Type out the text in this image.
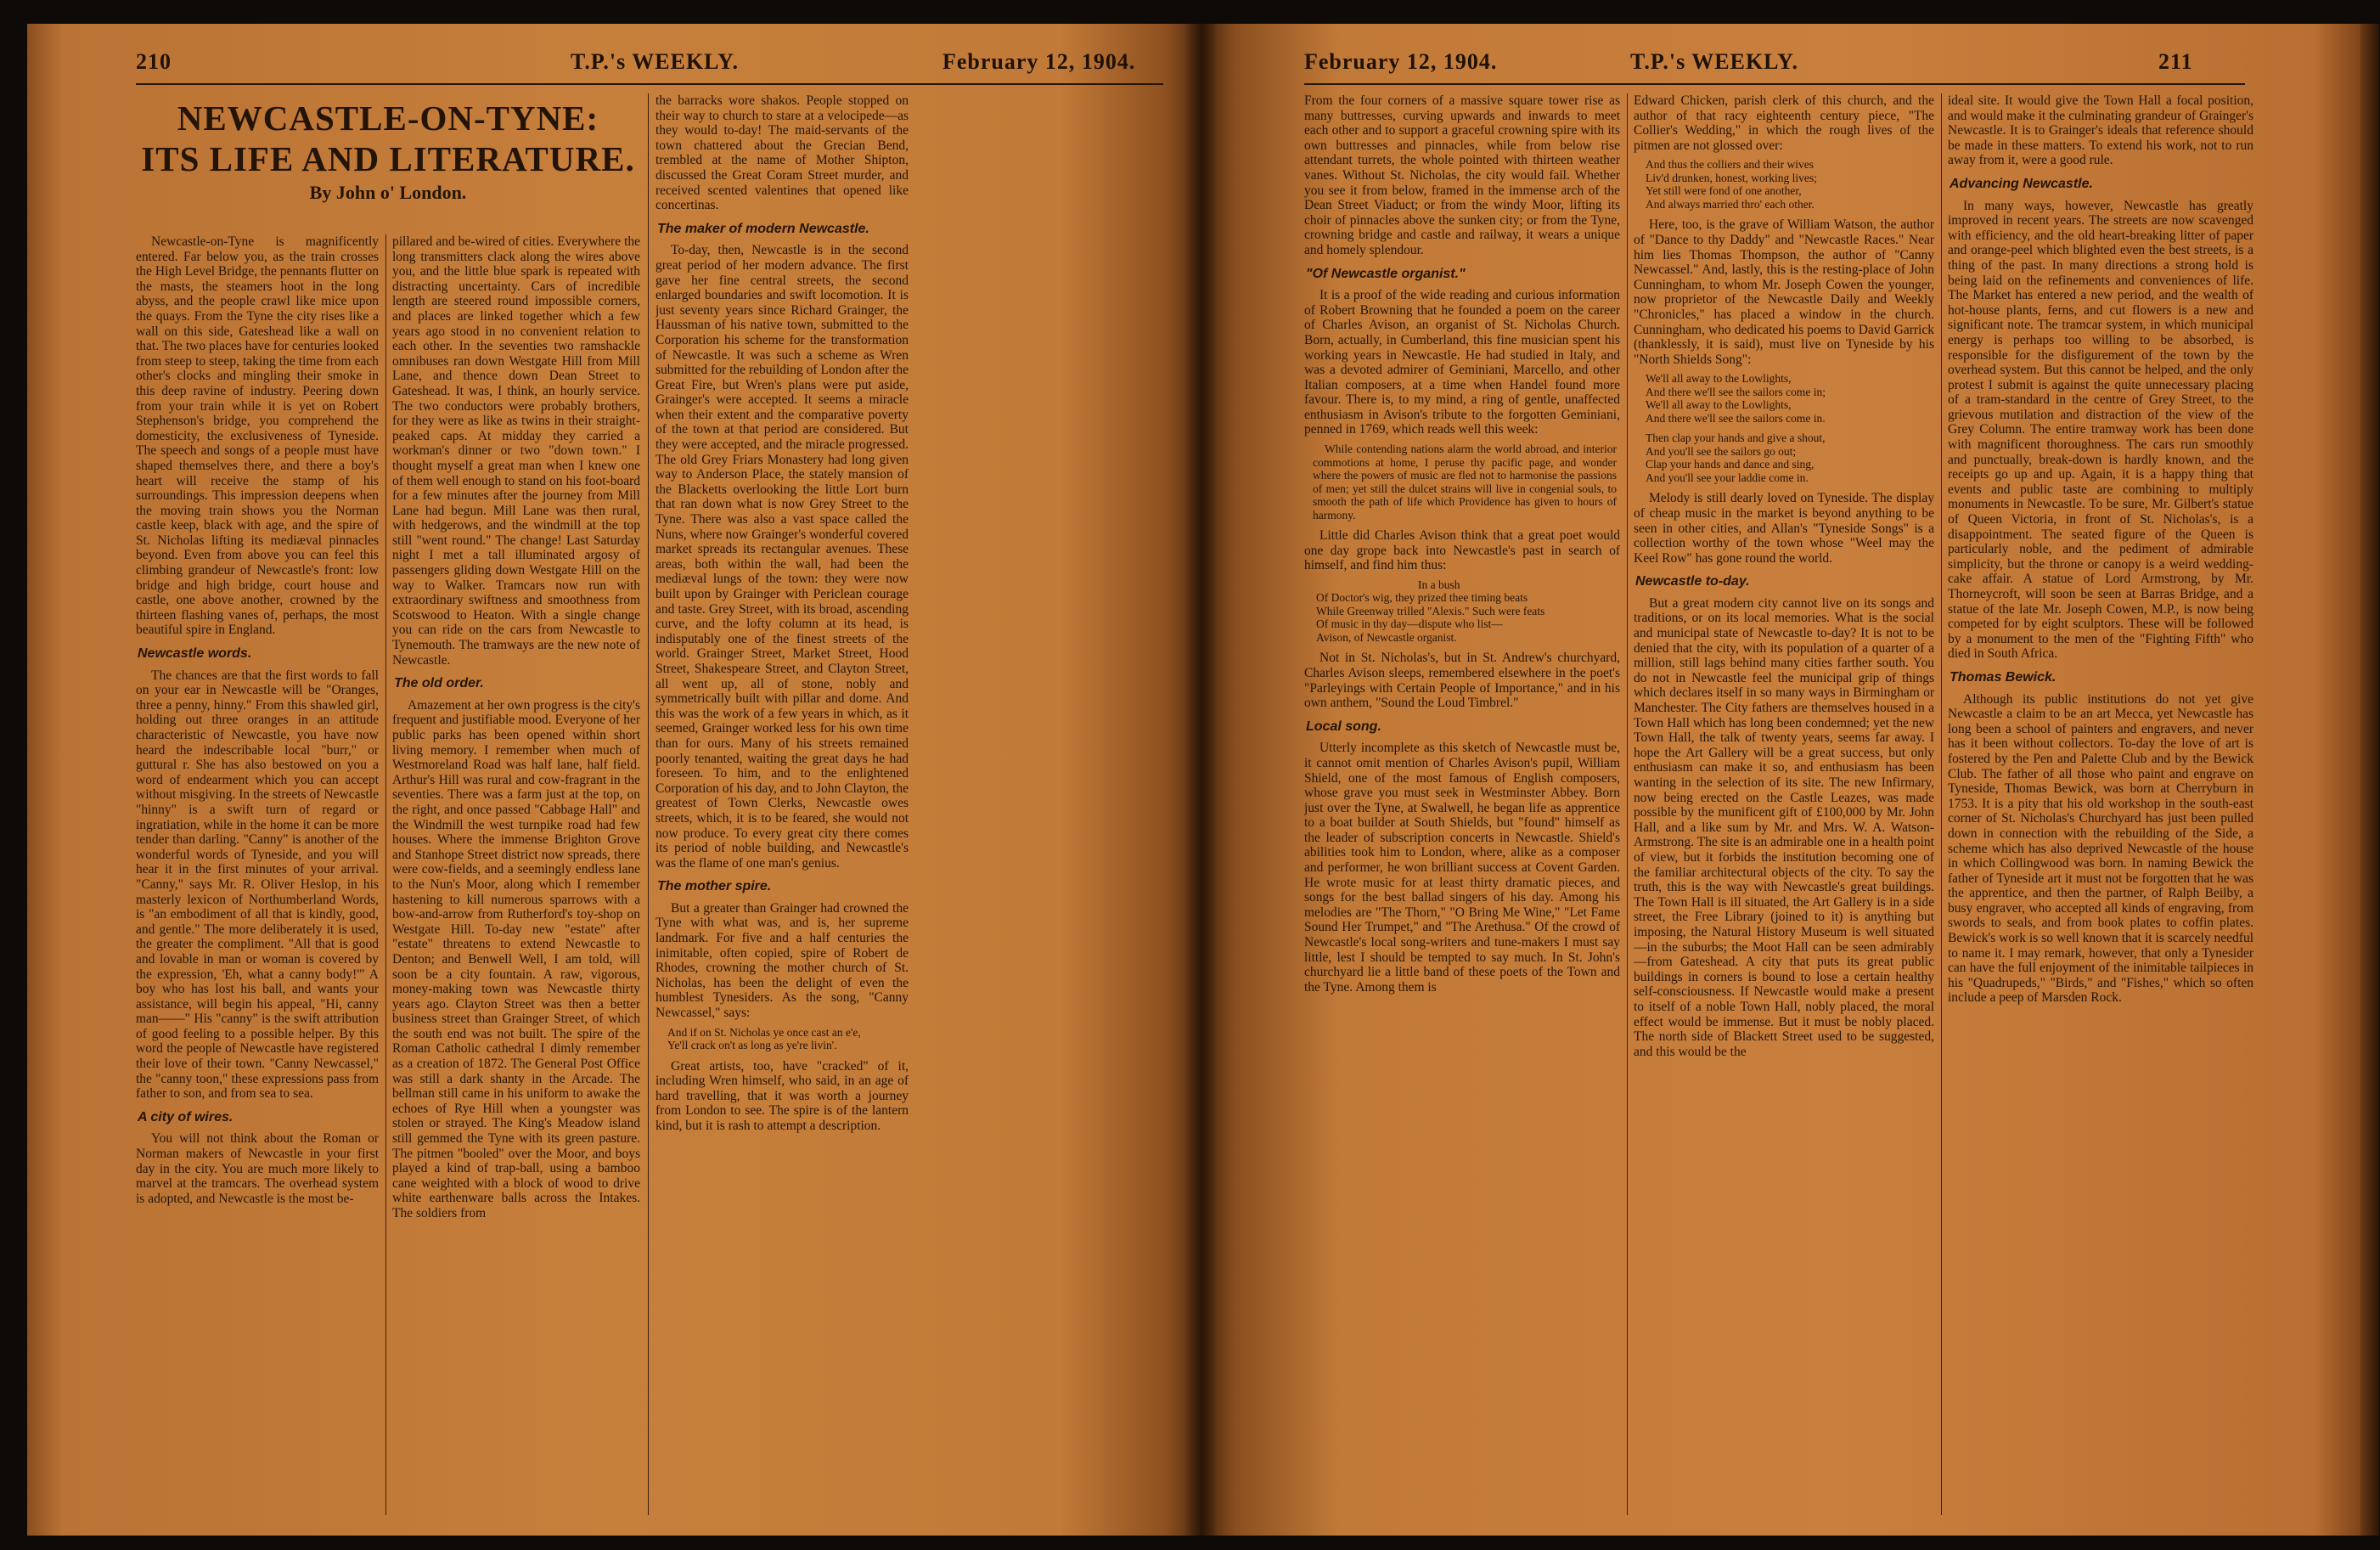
210	T.P.'s WEEKLY.	February 12, 1904.
NEWCASTLE-ON-TYNE:
ITS LIFE AND LITERATURE.
By John o' London.

Newcastle-on-Tyne is magnificently entered. Far below you, as the train crosses the High Level Bridge, the pennants flutter on the masts, the steamers hoot in the long abyss, and the people crawl like mice upon the quays. From the Tyne the city rises like a wall on this side, Gateshead like a wall on that. The two places have for centuries looked from steep to steep, taking the time from each other's clocks and mingling their smoke in this deep ravine of industry. Peering down from your train while it is yet on Robert Stephenson's bridge, you comprehend the domesticity, the exclusiveness of Tyneside. The speech and songs of a people must have shaped themselves there, and there a boy's heart will receive the stamp of his surroundings. This impression deepens when the moving train shows you the Norman castle keep, black with age, and the spire of St. Nicholas lifting its mediæval pinnacles beyond. Even from above you can feel this climbing grandeur of Newcastle's front: low bridge and high bridge, court house and castle, one above another, crowned by the thirteen flashing vanes of, perhaps, the most beautiful spire in England.

Newcastle words.

The chances are that the first words to fall on your ear in Newcastle will be "Oranges, three a penny, hinny." From this shawled girl, holding out three oranges in an attitude characteristic of Newcastle, you have now heard the indescribable local "burr," or guttural r. She has also bestowed on you a word of endearment which you can accept without misgiving. In the streets of Newcastle "hinny" is a swift turn of regard or ingratiation, while in the home it can be more tender than darling. "Canny" is another of the wonderful words of Tyneside, and you will hear it in the first minutes of your arrival. "Canny," says Mr. R. Oliver Heslop, in his masterly lexicon of Northumberland Words, is "an embodiment of all that is kindly, good, and gentle." The more deliberately it is used, the greater the compliment. "All that is good and lovable in man or woman is covered by the expression, 'Eh, what a canny body!'" A boy who has lost his ball, and wants your assistance, will begin his appeal, "Hi, canny man——" His "canny" is the swift attribution of good feeling to a possible helper. By this word the people of Newcastle have registered their love of their town. "Canny Newcassel," the "canny toon," these expressions pass from father to son, and from sea to sea.

A city of wires.

You will not think about the Roman or Norman makers of Newcastle in your first day in the city. You are much more likely to marvel at the tramcars. The overhead system is adopted, and Newcastle is the most be-

pillared and be-wired of cities. Everywhere the long transmitters clack along the wires above you, and the little blue spark is repeated with distracting uncertainty. Cars of incredible length are steered round impossible corners, and places are linked together which a few years ago stood in no convenient relation to each other. In the seventies two ramshackle omnibuses ran down Westgate Hill from Mill Lane, and thence down Dean Street to Gateshead. It was, I think, an hourly service. The two conductors were probably brothers, for they were as like as twins in their straight-peaked caps. At midday they carried a workman's dinner or two "down town." I thought myself a great man when I knew one of them well enough to stand on his foot-board for a few minutes after the journey from Mill Lane had begun. Mill Lane was then rural, with hedgerows, and the windmill at the top still "went round." The change! Last Saturday night I met a tall illuminated argosy of passengers gliding down Westgate Hill on the way to Walker. Tramcars now run with extraordinary swiftness and smoothness from Scotswood to Heaton. With a single change you can ride on the cars from Newcastle to Tynemouth. The tramways are the new note of Newcastle.

The old order.

Amazement at her own progress is the city's frequent and justifiable mood. Everyone of her public parks has been opened within short living memory. I remember when much of Westmoreland Road was half lane, half field. Arthur's Hill was rural and cow-fragrant in the seventies. There was a farm just at the top, on the right, and once passed "Cabbage Hall" and the Windmill the west turnpike road had few houses. Where the immense Brighton Grove and Stanhope Street district now spreads, there were cow-fields, and a seemingly endless lane to the Nun's Moor, along which I remember hastening to kill numerous sparrows with a bow-and-arrow from Rutherford's toy-shop on Westgate Hill. To-day new "estate" after "estate" threatens to extend Newcastle to Denton; and Benwell Well, I am told, will soon be a city fountain. A raw, vigorous, money-making town was Newcastle thirty years ago. Clayton Street was then a better business street than Grainger Street, of which the south end was not built. The spire of the Roman Catholic cathedral I dimly remember as a creation of 1872. The General Post Office was still a dark shanty in the Arcade. The bellman still came in his uniform to awake the echoes of Rye Hill when a youngster was stolen or strayed. The King's Meadow island still gemmed the Tyne with its green pasture. The pitmen "booled" over the Moor, and boys played a kind of trap-ball, using a bamboo cane weighted with a block of wood to drive white earthenware balls across the Intakes. The soldiers from

the barracks wore shakos. People stopped on their way to church to stare at a velocipede—as they would to-day! The maid-servants of the town chattered about the Grecian Bend, trembled at the name of Mother Shipton, discussed the Great Coram Street murder, and received scented valentines that opened like concertinas.

The maker of modern Newcastle.

To-day, then, Newcastle is in the second great period of her modern advance. The first gave her fine central streets, the second enlarged boundaries and swift locomotion. It is just seventy years since Richard Grainger, the Haussman of his native town, submitted to the Corporation his scheme for the transformation of Newcastle. It was such a scheme as Wren submitted for the rebuilding of London after the Great Fire, but Wren's plans were put aside, Grainger's were accepted. It seems a miracle when their extent and the comparative poverty of the town at that period are considered. But they were accepted, and the miracle progressed. The old Grey Friars Monastery had long given way to Anderson Place, the stately mansion of the Blacketts overlooking the little Lort burn that ran down what is now Grey Street to the Tyne. There was also a vast space called the Nuns, where now Grainger's wonderful covered market spreads its rectangular avenues. These areas, both within the wall, had been the mediæval lungs of the town: they were now built upon by Grainger with Periclean courage and taste. Grey Street, with its broad, ascending curve, and the lofty column at its head, is indisputably one of the finest streets of the world. Grainger Street, Market Street, Hood Street, Shakespeare Street, and Clayton Street, all went up, all of stone, nobly and symmetrically built with pillar and dome. And this was the work of a few years in which, as it seemed, Grainger worked less for his own time than for ours. Many of his streets remained poorly tenanted, waiting the great days he had foreseen. To him, and to the enlightened Corporation of his day, and to John Clayton, the greatest of Town Clerks, Newcastle owes streets, which, it is to be feared, she would not now produce. To every great city there comes its period of noble building, and Newcastle's was the flame of one man's genius.

The mother spire.

But a greater than Grainger had crowned the Tyne with what was, and is, her supreme landmark. For five and a half centuries the inimitable, often copied, spire of Robert de Rhodes, crowning the mother church of St. Nicholas, has been the delight of even the humblest Tynesiders. As the song, "Canny Newcassel," says:

And if on St. Nicholas ye once cast an e'e,
Ye'll crack on't as long as ye're livin'.

Great artists, too, have "cracked" of it, including Wren himself, who said, in an age of hard travelling, that it was worth a journey from London to see. The spire is of the lantern kind, but it is rash to attempt a description.

February 12, 1904.	T.P.'s WEEKLY.	211

From the four corners of a massive square tower rise as many buttresses, curving upwards and inwards to meet each other and to support a graceful crowning spire with its own buttresses and pinnacles, while from below rise attendant turrets, the whole pointed with thirteen weather vanes. Without St. Nicholas, the city would fail. Whether you see it from below, framed in the immense arch of the Dean Street Viaduct; or from the windy Moor, lifting its choir of pinnacles above the sunken city; or from the Tyne, crowning bridge and castle and railway, it wears a unique and homely splendour.

"Of Newcastle organist."

It is a proof of the wide reading and curious information of Robert Browning that he founded a poem on the career of Charles Avison, an organist of St. Nicholas Church. Born, actually, in Cumberland, this fine musician spent his working years in Newcastle. He had studied in Italy, and was a devoted admirer of Geminiani, Marcello, and other Italian composers, at a time when Handel found more favour. There is, to my mind, a ring of gentle, unaffected enthusiasm in Avison's tribute to the forgotten Geminiani, penned in 1769, which reads well this week:

While contending nations alarm the world abroad, and interior commotions at home, I peruse thy pacific page, and wonder where the powers of music are fled not to harmonise the passions of men; yet still the dulcet strains will live in congenial souls, to smooth the path of life which Providence has given to hours of harmony.

Little did Charles Avison think that a great poet would one day grope back into Newcastle's past in search of himself, and find him thus:

In a bush
Of Doctor's wig, they prized thee timing beats
While Greenway trilled "Alexis." Such were feats
Of music in thy day—dispute who list—
Avison, of Newcastle organist.

Not in St. Nicholas's, but in St. Andrew's churchyard, Charles Avison sleeps, remembered elsewhere in the poet's "Parleyings with Certain People of Importance," and in his own anthem, "Sound the Loud Timbrel."

Local song.

Utterly incomplete as this sketch of Newcastle must be, it cannot omit mention of Charles Avison's pupil, William Shield, one of the most famous of English composers, whose grave you must seek in Westminster Abbey. Born just over the Tyne, at Swalwell, he began life as apprentice to a boat builder at South Shields, but "found" himself as the leader of subscription concerts in Newcastle. Shield's abilities took him to London, where, alike as a composer and performer, he won brilliant success at Covent Garden. He wrote music for at least thirty dramatic pieces, and songs for the best ballad singers of his day. Among his melodies are "The Thorn," "O Bring Me Wine," "Let Fame Sound Her Trumpet," and "The Arethusa." Of the crowd of Newcastle's local song-writers and tune-makers I must say little, lest I should be tempted to say much. In St. John's churchyard lie a little band of these poets of the Town and the Tyne. Among them is

Edward Chicken, parish clerk of this church, and the author of that racy eighteenth century piece, "The Collier's Wedding," in which the rough lives of the pitmen are not glossed over:

And thus the colliers and their wives
Liv'd drunken, honest, working lives;
Yet still were fond of one another,
And always married thro' each other.

Here, too, is the grave of William Watson, the author of "Dance to thy Daddy" and "Newcastle Races." Near him lies Thomas Thompson, the author of "Canny Newcassel." And, lastly, this is the resting-place of John Cunningham, to whom Mr. Joseph Cowen the younger, now proprietor of the Newcastle Daily and Weekly "Chronicles," has placed a window in the church. Cunningham, who dedicated his poems to David Garrick (thanklessly, it is said), must live on Tyneside by his "North Shields Song":

We'll all away to the Lowlights,
And there we'll see the sailors come in;
We'll all away to the Lowlights,
And there we'll see the sailors come in.
Then clap your hands and give a shout,
And you'll see the sailors go out;
Clap your hands and dance and sing,
And you'll see your laddie come in.

Melody is still dearly loved on Tyneside. The display of cheap music in the market is beyond anything to be seen in other cities, and Allan's "Tyneside Songs" is a collection worthy of the town whose "Weel may the Keel Row" has gone round the world.

Newcastle to-day.

But a great modern city cannot live on its songs and traditions, or on its local memories. What is the social and municipal state of Newcastle to-day? It is not to be denied that the city, with its population of a quarter of a million, still lags behind many cities farther south. You do not in Newcastle feel the municipal grip of things which declares itself in so many ways in Birmingham or Manchester. The City fathers are themselves housed in a Town Hall which has long been condemned; yet the new Town Hall, the talk of twenty years, seems far away. I hope the Art Gallery will be a great success, but only enthusiasm can make it so, and enthusiasm has been wanting in the selection of its site. The new Infirmary, now being erected on the Castle Leazes, was made possible by the munificent gift of £100,000 by Mr. John Hall, and a like sum by Mr. and Mrs. W. A. Watson-Armstrong. The site is an admirable one in a health point of view, but it forbids the institution becoming one of the familiar architectural objects of the city. To say the truth, this is the way with Newcastle's great buildings. The Town Hall is ill situated, the Art Gallery is in a side street, the Free Library (joined to it) is anything but imposing, the Natural History Museum is well situated—in the suburbs; the Moot Hall can be seen admirably—from Gateshead. A city that puts its great public buildings in corners is bound to lose a certain healthy self-consciousness. If Newcastle would make a present to itself of a noble Town Hall, nobly placed, the moral effect would be immense. But it must be nobly placed. The north side of Blackett Street used to be suggested, and this would be the

ideal site. It would give the Town Hall a focal position, and would make it the culminating grandeur of Grainger's Newcastle. It is to Grainger's ideals that reference should be made in these matters. To extend his work, not to run away from it, were a good rule.

Advancing Newcastle.

In many ways, however, Newcastle has greatly improved in recent years. The streets are now scavenged with efficiency, and the old heart-breaking litter of paper and orange-peel which blighted even the best streets, is a thing of the past. In many directions a strong hold is being laid on the refinements and conveniences of life. The Market has entered a new period, and the wealth of hot-house plants, ferns, and cut flowers is a new and significant note. The tramcar system, in which municipal energy is perhaps too willing to be absorbed, is responsible for the disfigurement of the town by the overhead system. But this cannot be helped, and the only protest I submit is against the quite unnecessary placing of a tram-standard in the centre of Grey Street, to the grievous mutilation and distraction of the view of the Grey Column. The entire tramway work has been done with magnificent thoroughness. The cars run smoothly and punctually, break-down is hardly known, and the receipts go up and up. Again, it is a happy thing that events and public taste are combining to multiply monuments in Newcastle. To be sure, Mr. Gilbert's statue of Queen Victoria, in front of St. Nicholas's, is a disappointment. The seated figure of the Queen is particularly noble, and the pediment of admirable simplicity, but the throne or canopy is a weird wedding-cake affair. A statue of Lord Armstrong, by Mr. Thorneycroft, will soon be seen at Barras Bridge, and a statue of the late Mr. Joseph Cowen, M.P., is now being competed for by eight sculptors. These will be followed by a monument to the men of the "Fighting Fifth" who died in South Africa.

Thomas Bewick.

Although its public institutions do not yet give Newcastle a claim to be an art Mecca, yet Newcastle has long been a school of painters and engravers, and never has it been without collectors. To-day the love of art is fostered by the Pen and Palette Club and by the Bewick Club. The father of all those who paint and engrave on Tyneside, Thomas Bewick, was born at Cherryburn in 1753. It is a pity that his old workshop in the south-east corner of St. Nicholas's Churchyard has just been pulled down in connection with the rebuilding of the Side, a scheme which has also deprived Newcastle of the house in which Collingwood was born. In naming Bewick the father of Tyneside art it must not be forgotten that he was the apprentice, and then the partner, of Ralph Beilby, a busy engraver, who accepted all kinds of engraving, from swords to seals, and from book plates to coffin plates. Bewick's work is so well known that it is scarcely needful to name it. I may remark, however, that only a Tynesider can have the full enjoyment of the inimitable tailpieces in his "Quadrupeds," "Birds," and "Fishes," which so often include a peep of Marsden Rock.
